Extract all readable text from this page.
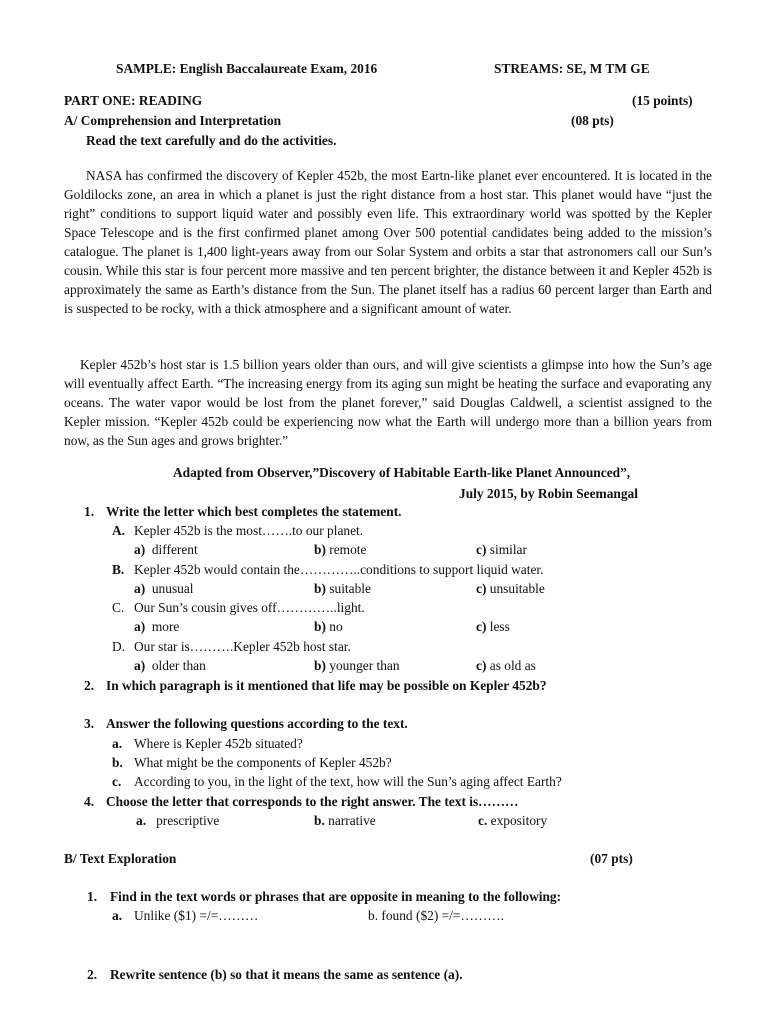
SAMPLE: English Baccalaureate Exam, 2016	STREAMS: SE, M TM GE
PART ONE: READING	(15 points)
A/ Comprehension and Interpretation	(08 pts)
Read the text carefully and do the activities.

NASA has confirmed the discovery of Kepler 452b, the most Eartn-like planet ever encountered. It is located in the Goldilocks zone, an area in which a planet is just the right distance from a host star. This planet would have “just the right” conditions to support liquid water and possibly even life. This extraordinary world was spotted by the Kepler Space Telescope and is the first confirmed planet among Over 500 potential candidates being added to the mission’s catalogue. The planet is 1,400 light-years away from our Solar System and orbits a star that astronomers call our Sun’s cousin. While this star is four percent more massive and ten percent brighter, the distance between it and Kepler 452b is approximately the same as Earth’s distance from the Sun. The planet itself has a radius 60 percent larger than Earth and is suspected to be rocky, with a thick atmosphere and a significant amount of water.

Kepler 452b’s host star is 1.5 billion years older than ours, and will give scientists a glimpse into how the Sun’s age will eventually affect Earth. “The increasing energy from its aging sun might be heating the surface and evaporating any oceans. The water vapor would be lost from the planet forever,” said Douglas Caldwell, a scientist assigned to the Kepler mission. “Kepler 452b could be experiencing now what the Earth will undergo more than a billion years from now, as the Sun ages and grows brighter.”

Adapted from Observer,”Discovery of Habitable Earth-like Planet Announced”,
July 2015, by Robin Seemangal
1. Write the letter which best completes the statement.
A. Kepler 452b is the most…….to our planet.
a) different	b) remote	c) similar
B. Kepler 452b would contain the…………..conditions to support liquid water.
a) unusual	b) suitable	c) unsuitable
C. Our Sun’s cousin gives off…………..light.
a) more	b) no	c) less
D. Our star is……….Kepler 452b host star.
a) older than	b) younger than	c) as old as
2. In which paragraph is it mentioned that life may be possible on Kepler 452b?
3. Answer the following questions according to the text.
a. Where is Kepler 452b situated?
b. What might be the components of Kepler 452b?
c. According to you, in the light of the text, how will the Sun’s aging affect Earth?
4. Choose the letter that corresponds to the right answer. The text is………
a. prescriptive	b. narrative	c. expository
B/ Text Exploration	(07 pts)
1. Find in the text words or phrases that are opposite in meaning to the following:
a. Unlike ($1) =/=………	b. found ($2) =/=……….
2. Rewrite sentence (b) so that it means the same as sentence (a).
